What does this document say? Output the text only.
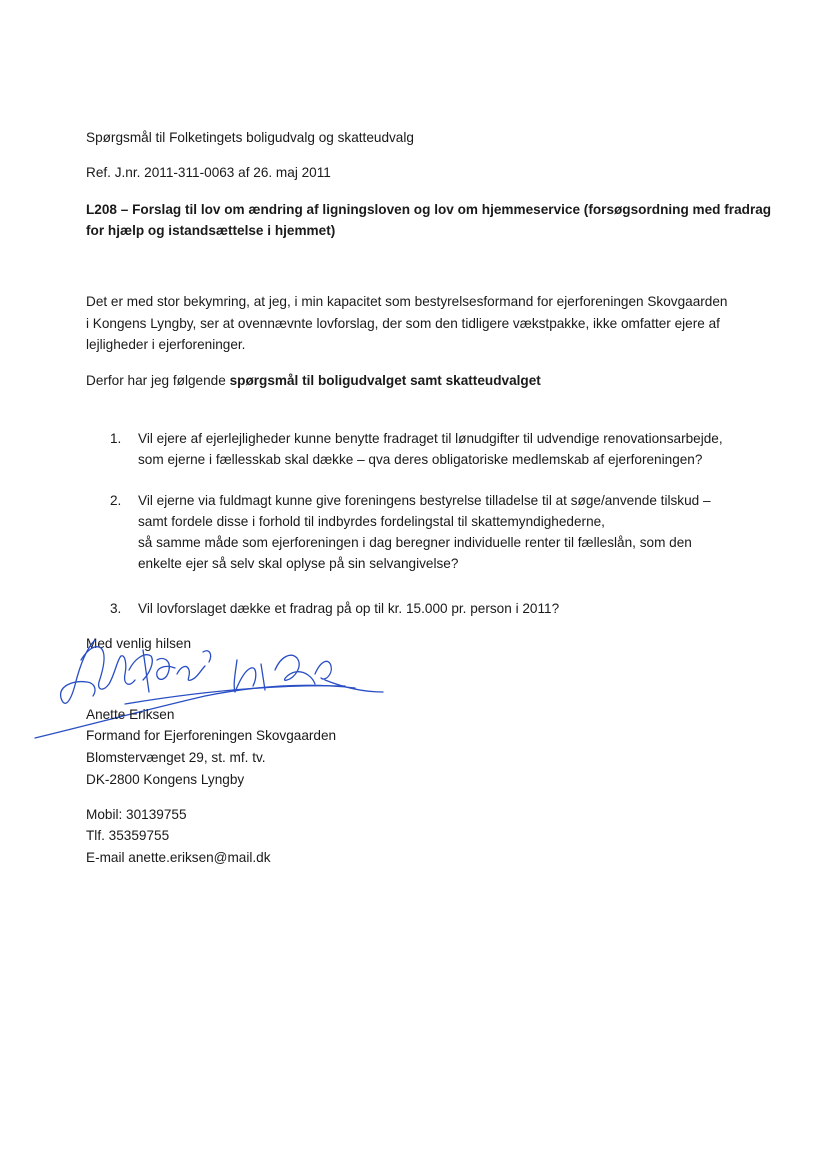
Spørgsmål til Folketingets boligudvalg og skatteudvalg
Ref. J.nr. 2011-311-0063 af 26. maj 2011
L208 – Forslag til lov om ændring af ligningsloven og lov om hjemmeservice (forsøgsordning med fradrag
for hjælp og istandsættelse i hjemmet)
Det er med stor bekymring, at jeg, i min kapacitet som bestyrelsesformand for ejerforeningen Skovgaarden
i Kongens Lyngby, ser at ovennævnte lovforslag, der som den tidligere vækstpakke, ikke omfatter ejere af
lejligheder i ejerforeninger.
Derfor har jeg følgende spørgsmål til boligudvalget samt skatteudvalget
1. Vil ejere af ejerlejligheder kunne benytte fradraget til lønudgifter til udvendige renovationsarbejde,
som ejerne i fællesskab skal dække – qva deres obligatoriske medlemskab af ejerforeningen?
2. Vil ejerne via fuldmagt kunne give foreningens bestyrelse tilladelse til at søge/anvende tilskud –
samt fordele disse i forhold til indbyrdes fordelingstal til skattemyndighederne,
så samme måde som ejerforeningen i dag beregner individuelle renter til fælleslån, som den
enkelte ejer så selv skal oplyse på sin selvangivelse?
3. Vil lovforslaget dække et fradrag på op til kr. 15.000 pr. person i 2011?
Med venlig hilsen
Anette Eriksen
Formand for Ejerforeningen Skovgaarden
Blomstervænget 29, st. mf. tv.
DK-2800 Kongens Lyngby
Mobil: 30139755
Tlf. 35359755
E-mail anette.eriksen@mail.dk
